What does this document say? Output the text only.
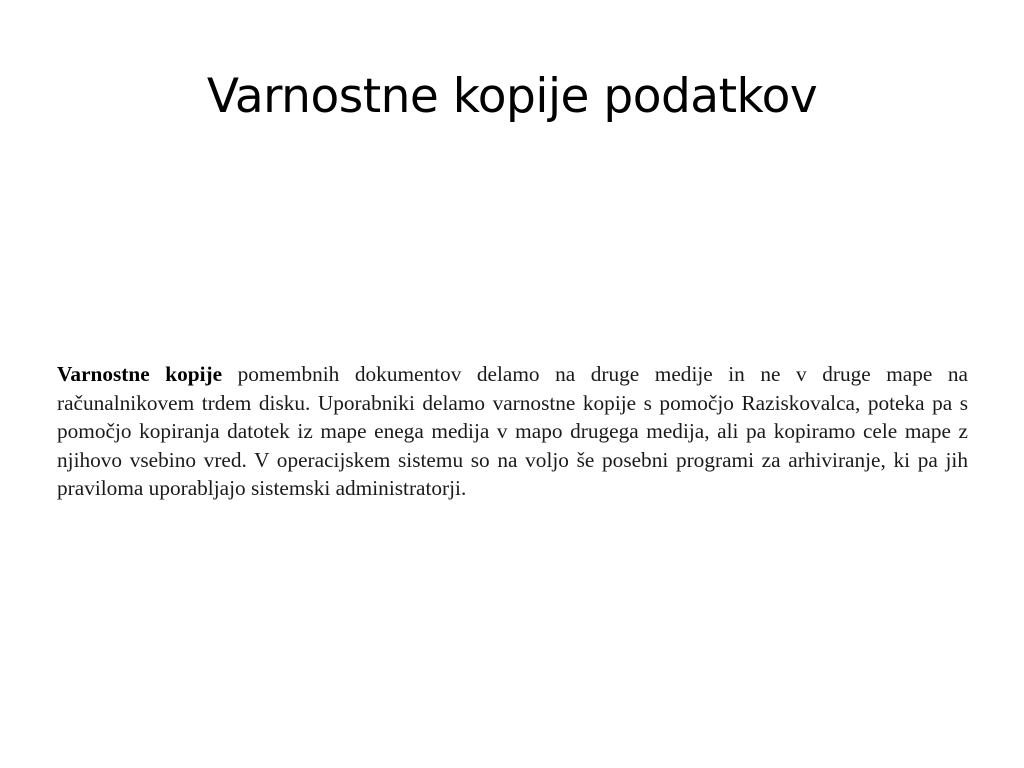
Varnostne kopije podatkov

Varnostne kopije pomembnih dokumentov delamo na druge medije in ne v druge mape na računalnikovem trdem disku. Uporabniki delamo varnostne kopije s pomočjo Raziskovalca, poteka pa s pomočjo kopiranja datotek iz mape enega medija v mapo drugega medija, ali pa kopiramo cele mape z njihovo vsebino vred. V operacijskem sistemu so na voljo še posebni programi za arhiviranje, ki pa jih praviloma uporabljajo sistemski administratorji.
